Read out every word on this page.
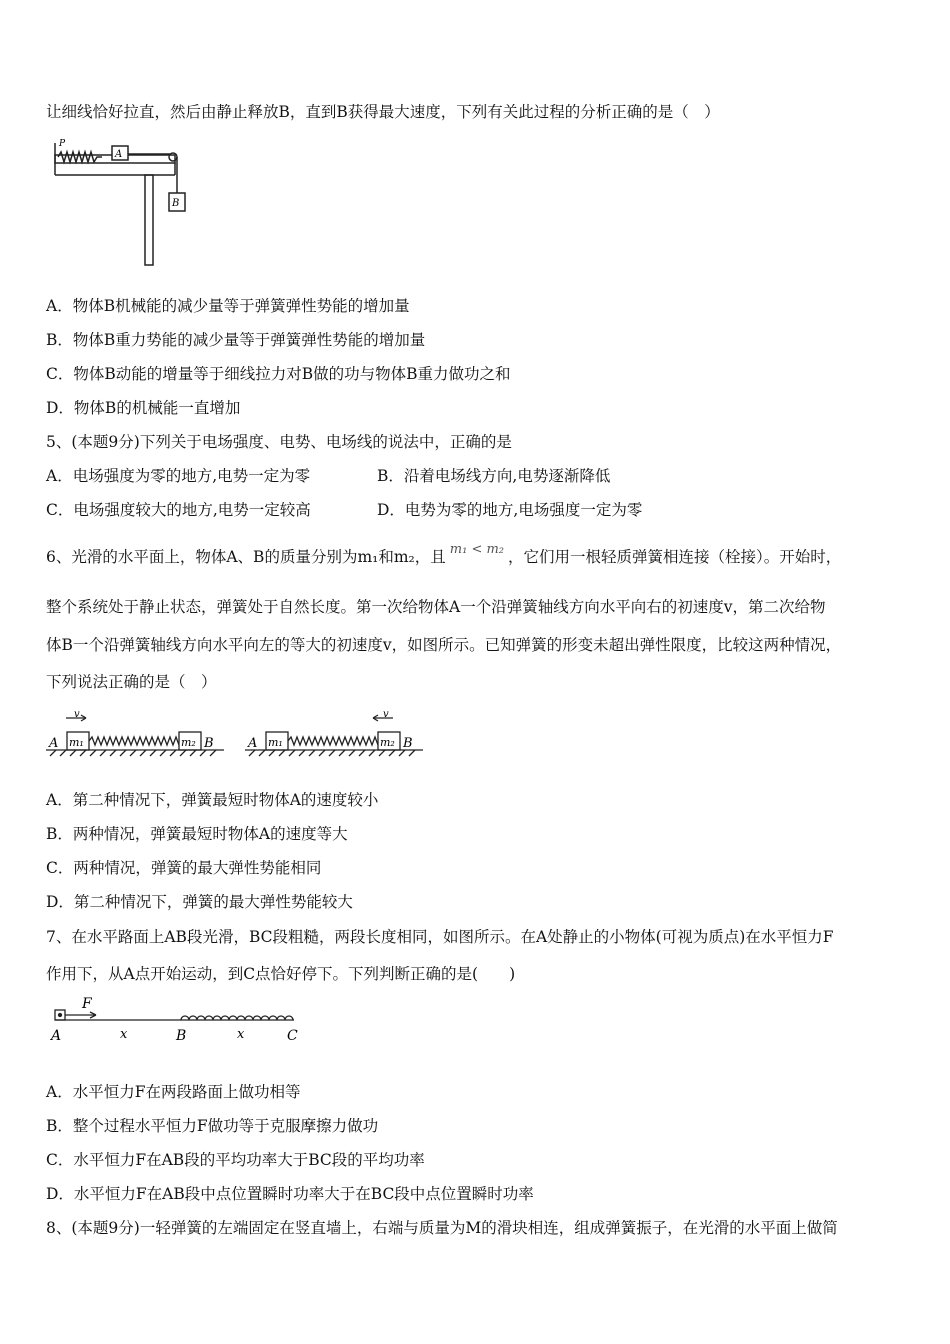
让细线恰好拉直，然后由静止释放B，直到B获得最大速度，下列有关此过程的分析正确的是（　）
P
A
B
A．物体B机械能的减少量等于弹簧弹性势能的增加量
B．物体B重力势能的减少量等于弹簧弹性势能的增加量
C．物体B动能的增量等于细线拉力对B做的功与物体B重力做功之和
D．物体B的机械能一直增加
5、(本题9分)下列关于电场强度、电势、电场线的说法中，正确的是
A．电场强度为零的地方,电势一定为零	B．沿着电场线方向,电势逐渐降低
C．电场强度较大的地方,电势一定较高	D．电势为零的地方,电场强度一定为零
6、光滑的水平面上，物体A、B的质量分别为m₁和m₂，且 $^{m_1 < m_2}$ ，它们用一根轻质弹簧相连接（栓接）。开始时，
整个系统处于静止状态，弹簧处于自然长度。第一次给物体A一个沿弹簧轴线方向水平向右的初速度v，第二次给物
体B一个沿弹簧轴线方向水平向左的等大的初速度v，如图所示。已知弹簧的形变未超出弹性限度，比较这两种情况，
下列说法正确的是（　）
v
A m₁	m₂ B
v
A m₁	m₂ B
A．第二种情况下，弹簧最短时物体A的速度较小
B．两种情况，弹簧最短时物体A的速度等大
C．两种情况，弹簧的最大弹性势能相同
D．第二种情况下，弹簧的最大弹性势能较大
7、在水平路面上AB段光滑，BC段粗糙，两段长度相同，如图所示。在A处静止的小物体(可视为质点)在水平恒力F
作用下，从A点开始运动，到C点恰好停下。下列判断正确的是(　　)
F
A	x	B	x	C
A．水平恒力F在两段路面上做功相等
B．整个过程水平恒力F做功等于克服摩擦力做功
C．水平恒力F在AB段的平均功率大于BC段的平均功率
D．水平恒力F在AB段中点位置瞬时功率大于在BC段中点位置瞬时功率
8、(本题9分)一轻弹簧的左端固定在竖直墙上，右端与质量为M的滑块相连，组成弹簧振子，在光滑的水平面上做简
